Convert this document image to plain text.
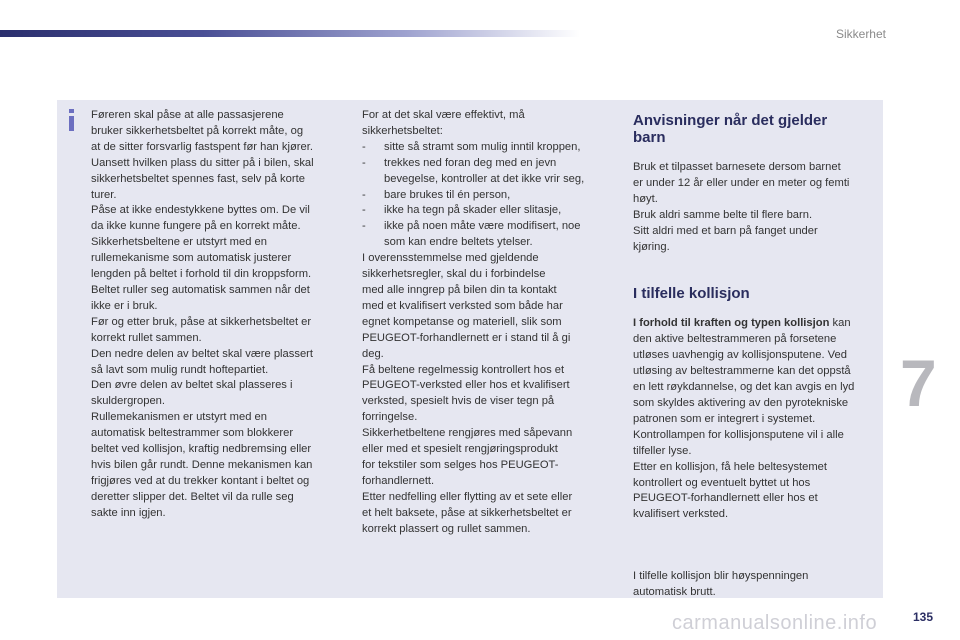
Sikkerhet

Føreren skal påse at alle passasjerene

bruker sikkerhetsbeltet på korrekt måte, og

at de sitter forsvarlig fastspent før han kjører.

Uansett hvilken plass du sitter på i bilen, skal

sikkerhetsbeltet spennes fast, selv på korte

turer.

Påse at ikke endestykkene byttes om. De vil

da ikke kunne fungere på en korrekt måte.

Sikkerhetsbeltene er utstyrt med en

rullemekanisme som automatisk justerer

lengden på beltet i forhold til din kroppsform.

Beltet ruller seg automatisk sammen når det

ikke er i bruk.

Før og etter bruk, påse at sikkerhetsbeltet er

korrekt rullet sammen.

Den nedre delen av beltet skal være plassert

så lavt som mulig rundt hoftepartiet.

Den øvre delen av beltet skal plasseres i

skuldergropen.

Rullemekanismen er utstyrt med en

automatisk beltestrammer som blokkerer

beltet ved kollisjon, kraftig nedbremsing eller

hvis bilen går rundt. Denne mekanismen kan

frigjøres ved at du trekker kontant i beltet og

deretter slipper det. Beltet vil da rulle seg

sakte inn igjen.

For at det skal være effektivt, må

sikkerhetsbeltet:

-	sitte så stramt som mulig inntil kroppen,

-	trekkes ned foran deg med en jevn

bevegelse, kontroller at det ikke vrir seg,

-	bare brukes til én person,

-	ikke ha tegn på skader eller slitasje,

-	ikke på noen måte være modifisert, noe

som kan endre beltets ytelser.

I overensstemmelse med gjeldende

sikkerhetsregler, skal du i forbindelse

med alle inngrep på bilen din ta kontakt

med et kvalifisert verksted som både har

egnet kompetanse og materiell, slik som

PEUGEOT-forhandlernett er i stand til å gi

deg.

Få beltene regelmessig kontrollert hos et

PEUGEOT-verksted eller hos et kvalifisert

verksted, spesielt hvis de viser tegn på

forringelse.

Sikkerhetbeltene rengjøres med såpevann

eller med et spesielt rengjøringsprodukt

for tekstiler som selges hos PEUGEOT-

forhandlernett.

Etter nedfelling eller flytting av et sete eller

et helt baksete, påse at sikkerhetsbeltet er

korrekt plassert og rullet sammen.

Anvisninger når det gjelder

barn

Bruk et tilpasset barnesete dersom barnet

er under 12 år eller under en meter og femti

høyt.

Bruk aldri samme belte til flere barn.

Sitt aldri med et barn på fanget under

kjøring.

I tilfelle kollisjon

I forhold til kraften og typen kollisjon kan

den aktive beltestrammeren på forsetene

utløses uavhengig av kollisjonsputene. Ved

utløsing av beltestrammerne kan det oppstå

en lett røykdannelse, og det kan avgis en lyd

som skyldes aktivering av den pyrotekniske

patronen som er integrert i systemet.

Kontrollampen for kollisjonsputene vil i alle

tilfeller lyse.

Etter en kollisjon, få hele beltesystemet

kontrollert og eventuelt byttet ut hos

PEUGEOT-forhandlernett eller hos et

kvalifisert verksted.

I tilfelle kollisjon blir høyspenningen

automatisk brutt.

7
carmanualsonline.info	135
